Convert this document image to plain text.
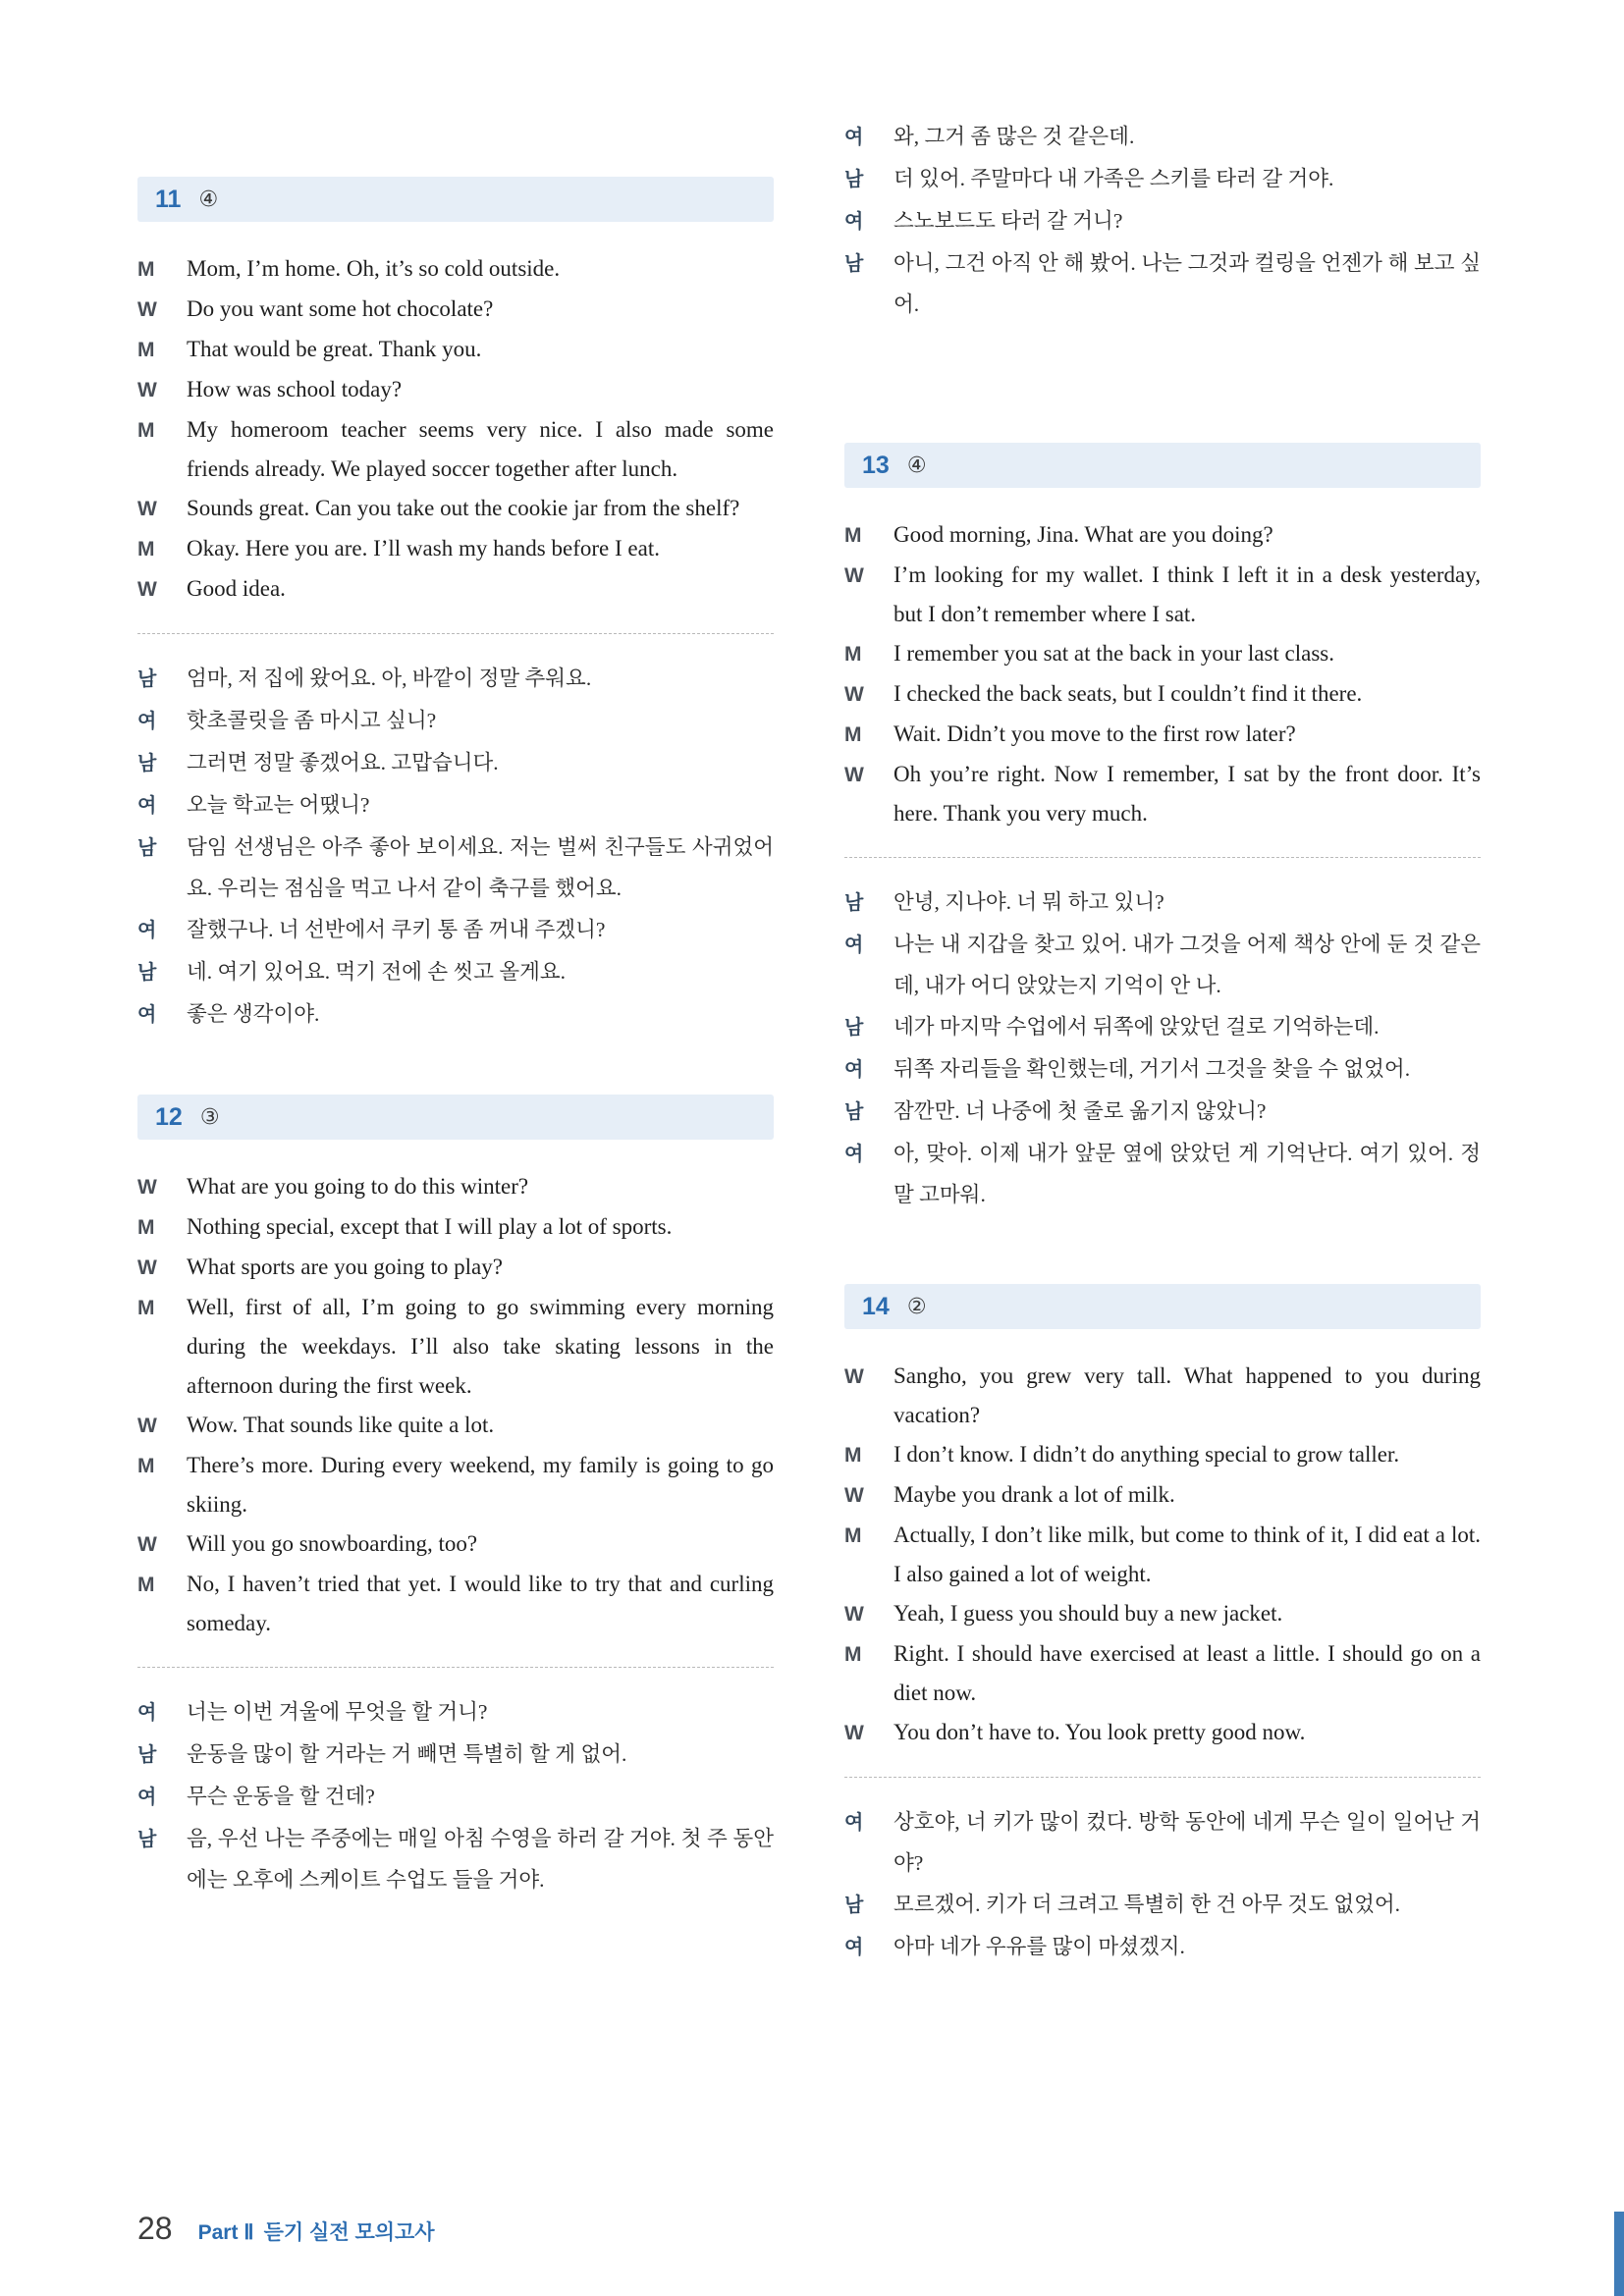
11 ④
M	Mom, I’m home. Oh, it’s so cold outside.
W	Do you want some hot chocolate?
M	That would be great. Thank you.
W	How was school today?
M	My homeroom teacher seems very nice. I also made some friends already. We played soccer together after lunch.
W	Sounds great. Can you take out the cookie jar from the shelf?
M	Okay. Here you are. I’ll wash my hands before I eat.
W	Good idea.
남	엄마, 저 집에 왔어요. 아, 바깥이 정말 추워요.
여	핫초콜릿을 좀 마시고 싶니?
남	그러면 정말 좋겠어요. 고맙습니다.
여	오늘 학교는 어땠니?
남	담임 선생님은 아주 좋아 보이세요. 저는 벌써 친구들도 사귀었어요. 우리는 점심을 먹고 나서 같이 축구를 했어요.
여	잘했구나. 너 선반에서 쿠키 통 좀 꺼내 주겠니?
남	네. 여기 있어요. 먹기 전에 손 씻고 올게요.
여	좋은 생각이야.
12 ③
W	What are you going to do this winter?
M	Nothing special, except that I will play a lot of sports.
W	What sports are you going to play?
M	Well, first of all, I’m going to go swimming every morning during the weekdays. I’ll also take skating lessons in the afternoon during the first week.
W	Wow. That sounds like quite a lot.
M	There’s more. During every weekend, my family is going to go skiing.
W	Will you go snowboarding, too?
M	No, I haven’t tried that yet. I would like to try that and curling someday.
여	너는 이번 겨울에 무엇을 할 거니?
남	운동을 많이 할 거라는 거 빼면 특별히 할 게 없어.
여	무슨 운동을 할 건데?
남	음, 우선 나는 주중에는 매일 아침 수영을 하러 갈 거야. 첫 주 동안에는 오후에 스케이트 수업도 들을 거야.
여	와, 그거 좀 많은 것 같은데.
남	더 있어. 주말마다 내 가족은 스키를 타러 갈 거야.
여	스노보드도 타러 갈 거니?
남	아니, 그건 아직 안 해 봤어. 나는 그것과 컬링을 언젠가 해 보고 싶어.
13 ④
M	Good morning, Jina. What are you doing?
W	I’m looking for my wallet. I think I left it in a desk yesterday, but I don’t remember where I sat.
M	I remember you sat at the back in your last class.
W	I checked the back seats, but I couldn’t find it there.
M	Wait. Didn’t you move to the first row later?
W	Oh you’re right. Now I remember, I sat by the front door. It’s here. Thank you very much.
남	안녕, 지나야. 너 뭐 하고 있니?
여	나는 내 지갑을 찾고 있어. 내가 그것을 어제 책상 안에 둔 것 같은데, 내가 어디 앉았는지 기억이 안 나.
남	네가 마지막 수업에서 뒤쪽에 앉았던 걸로 기억하는데.
여	뒤쪽 자리들을 확인했는데, 거기서 그것을 찾을 수 없었어.
남	잠깐만. 너 나중에 첫 줄로 옮기지 않았니?
여	아, 맞아. 이제 내가 앞문 옆에 앉았던 게 기억난다. 여기 있어. 정말 고마워.
14 ②
W	Sangho, you grew very tall. What happened to you during vacation?
M	I don’t know. I didn’t do anything special to grow taller.
W	Maybe you drank a lot of milk.
M	Actually, I don’t like milk, but come to think of it, I did eat a lot. I also gained a lot of weight.
W	Yeah, I guess you should buy a new jacket.
M	Right. I should have exercised at least a little. I should go on a diet now.
W	You don’t have to. You look pretty good now.
여	상호야, 너 키가 많이 컸다. 방학 동안에 네게 무슨 일이 일어난 거야?
남	모르겠어. 키가 더 크려고 특별히 한 건 아무 것도 없었어.
여	아마 네가 우유를 많이 마셨겠지.
28 Part Ⅱ 듣기 실전 모의고사
